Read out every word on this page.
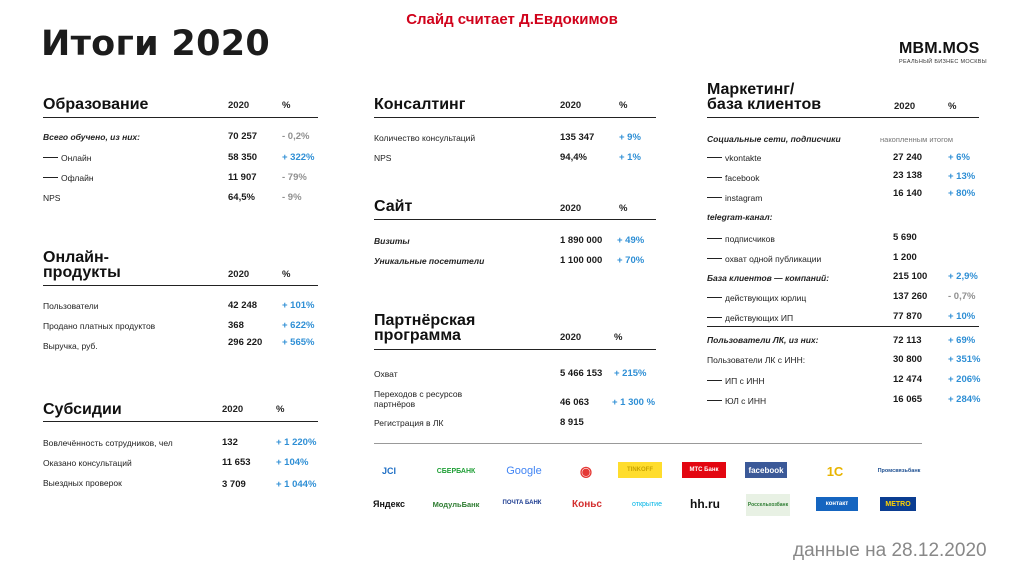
Слайд считает Д.Евдокимов
Итоги 2020	MBM.MOS
РЕАЛЬНЫЙ БИЗНЕС МОСКВЫ
Образование	2020	%
Всего обучено, из них:	70 257	- 0,2%
Онлайн	58 350	+ 322%
Офлайн	11 907	- 79%
NPS	64,5%	- 9%
Онлайн-
продукты	2020	%
Пользователи	42 248	+ 101%
Продано платных продуктов	368	+ 622%
Выручка, руб.	296 220 + 565%
Субсидии	2020	%
Вовлечённость сотрудников, чел	132	+ 1 220%
Оказано консультаций	11 653	+ 104%
Выездных проверок	3 709	+ 1 044%
Консалтинг	2020	%
Количество консультаций	135 347	+ 9%
NPS	94,4%	+ 1%
Сайт	2020	%
Визиты	1 890 000 + 49%
Уникальные посетители	1 100 000 + 70%
Партнёрская
программа	2020	%
Охват	5 466 153 + 215%
Переходов с ресурсов
партнёров	46 063 + 1 300 %
Регистрация в ЛК	8 915
Маркетинг/
база клиентов	2020	%
Социальные сети, подписчики	накопленным итогом
vkontakte	27 240	+ 6%
facebook	23 138	+ 13%
instagram	16 140	+ 80%
telegram-канал:
подписчиков	5 690
охват одной публикации	1 200
База клиентов — компаний:	215 100 + 2,9%
действующих юрлиц	137 260 - 0,7%
действующих ИП	77 870	+ 10%
Пользователи ЛК, из них:	72 113	+ 69%
Пользователи ЛК с ИНН:	30 800	+ 351%
ИП с ИНН	12 474	+ 206%
ЮЛ с ИНН	16 065	+ 284%
JCI	СБЕРБАНК	Google	◉	TINKOFF	МТС Банк	facebook	1С	Промсвязьбанк
Яндекс	МодульБанк	ПОЧТА БАНК	Коньс	открытие	hh.ru	Россельхозбанк	контакт	METRO
данные на 28.12.2020
